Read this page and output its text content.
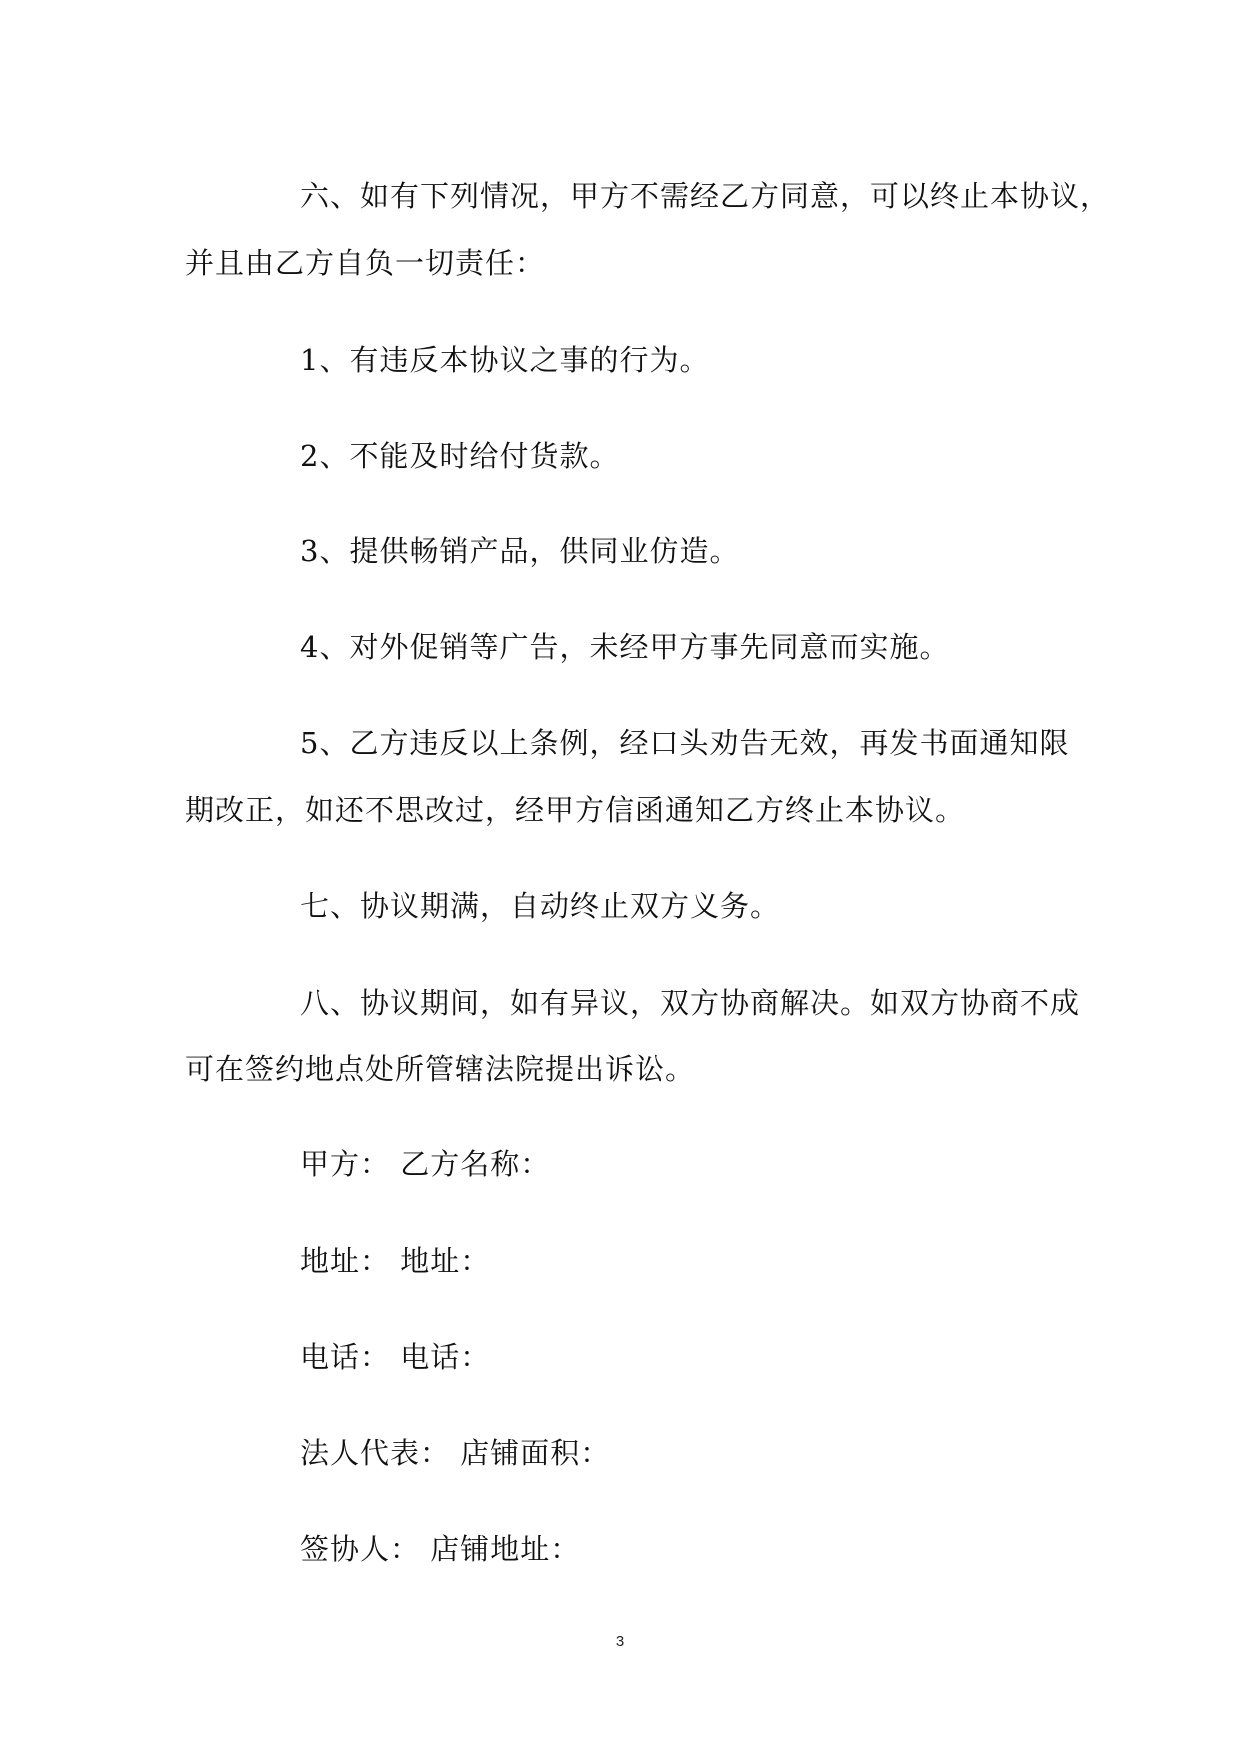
六、如有下列情况，甲方不需经乙方同意，可以终止本协议，
并且由乙方自负一切责任：
1、有违反本协议之事的行为。
2、不能及时给付货款。
3、提供畅销产品，供同业仿造。
4、对外促销等广告，未经甲方事先同意而实施。
5、乙方违反以上条例，经口头劝告无效，再发书面通知限
期改正，如还不思改过，经甲方信函通知乙方终止本协议。
七、协议期满，自动终止双方义务。
八、协议期间，如有异议，双方协商解决。如双方协商不成
可在签约地点处所管辖法院提出诉讼。
甲方： 乙方名称：
地址： 地址：
电话： 电话：
法人代表： 店铺面积：
签协人： 店铺地址：
3
